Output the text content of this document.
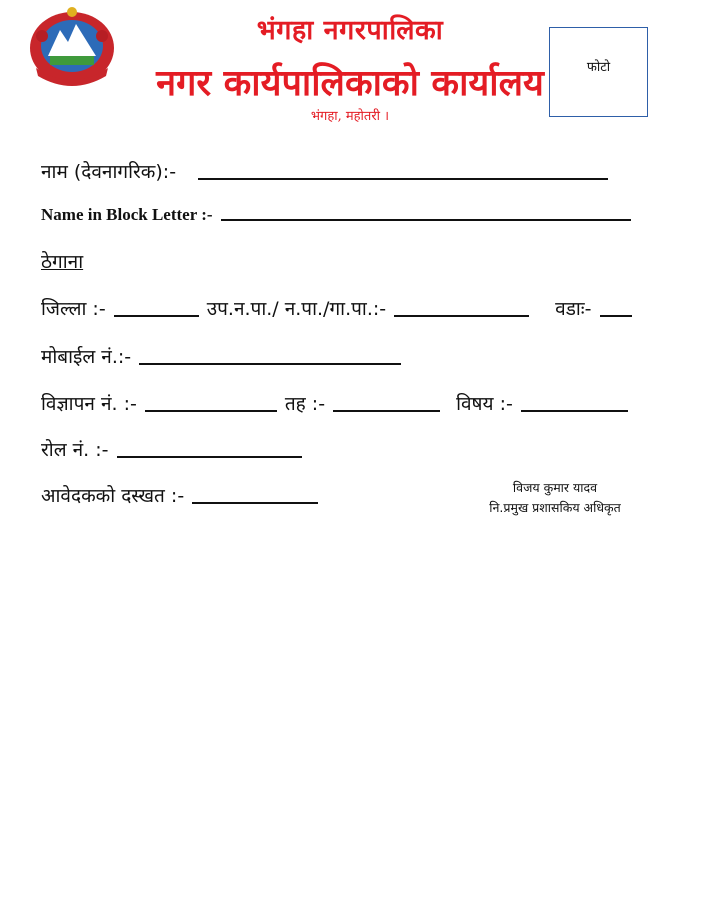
भंगहा नगरपालिका
नगर कार्यपालिकाको कार्यालय
भंगहा, महोतरी ।
फोटो
नाम (देवनागरिक):-
Name in Block Letter :-
ठेगाना
जिल्ला :-	उप.न.पा./ न.पा./गा.पा.:-	वडाः-
मोबाईल नं.:-
विज्ञापन नं. :-	तह :-	विषय :-
रोल नं. :-
आवेदकको दस्खत :-	विजय कुमार यादव
नि.प्रमुख प्रशासकिय अधिकृत
